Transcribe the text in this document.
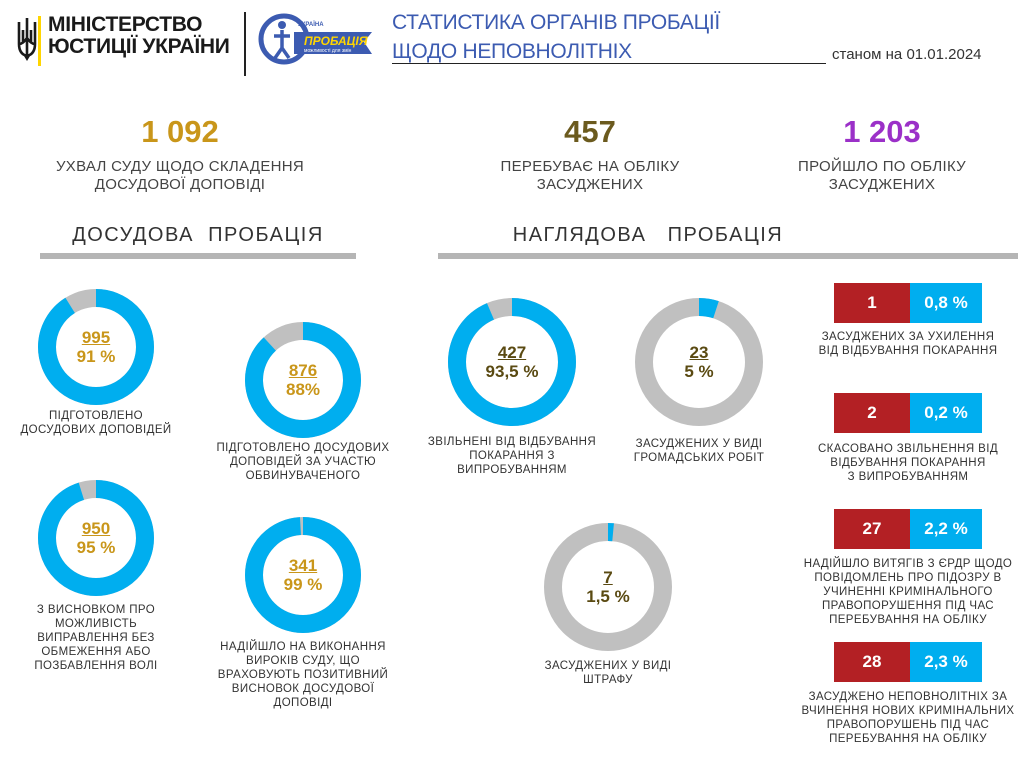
МІНІСТЕРСТВО
ЮСТИЦІЇ УКРАЇНИ
УКРАЇНА
ПРОБАЦІЯ
можливості для змін
СТАТИСТИКА ОРГАНІВ ПРОБАЦІЇ
ЩОДО НЕПОВНОЛІТНІХ	станом на 01.01.2024
1 092
УХВАЛ СУДУ ЩОДО СКЛАДЕННЯ
ДОСУДОВОЇ ДОПОВІДІ
457
ПЕРЕБУВАЄ НА ОБЛІКУ
ЗАСУДЖЕНИХ
1 203
ПРОЙШЛО ПО ОБЛІКУ
ЗАСУДЖЕНИХ
ДОСУДОВА  ПРОБАЦІЯ	НАГЛЯДОВА   ПРОБАЦІЯ
995
91 %
ПІДГОТОВЛЕНО
ДОСУДОВИХ ДОПОВІДЕЙ
876
88%
ПІДГОТОВЛЕНО ДОСУДОВИХ
ДОПОВІДЕЙ ЗА УЧАСТЮ
ОБВИНУВАЧЕНОГО
950
95 %
З ВИСНОВКОМ ПРО
МОЖЛИВІСТЬ
ВИПРАВЛЕННЯ БЕЗ
ОБМЕЖЕННЯ АБО
ПОЗБАВЛЕННЯ ВОЛІ
341
99 %
НАДІЙШЛО НА ВИКОНАННЯ
ВИРОКІВ СУДУ, ЩО
ВРАХОВУЮТЬ ПОЗИТИВНИЙ
ВИСНОВОК ДОСУДОВОЇ
ДОПОВІДІ
427
93,5 %
ЗВІЛЬНЕНІ ВІД ВІДБУВАННЯ
ПОКАРАННЯ З
ВИПРОБУВАННЯМ
23
5 %
ЗАСУДЖЕНИХ У ВИДІ
ГРОМАДСЬКИХ РОБІТ
7
1,5 %
ЗАСУДЖЕНИХ У ВИДІ
ШТРАФУ
1	0,8 %
ЗАСУДЖЕНИХ ЗА УХИЛЕННЯ
ВІД ВІДБУВАННЯ ПОКАРАННЯ
2	0,2 %
СКАСОВАНО ЗВІЛЬНЕННЯ ВІД
ВІДБУВАННЯ ПОКАРАННЯ
З ВИПРОБУВАННЯМ
27	2,2 %
НАДІЙШЛО ВИТЯГІВ З ЄРДР ЩОДО
ПОВІДОМЛЕНЬ ПРО ПІДОЗРУ В
УЧИНЕННІ КРИМІНАЛЬНОГО
ПРАВОПОРУШЕННЯ ПІД ЧАС
ПЕРЕБУВАННЯ НА ОБЛІКУ
28	2,3 %
ЗАСУДЖЕНО НЕПОВНОЛІТНІХ ЗА
ВЧИНЕННЯ НОВИХ КРИМІНАЛЬНИХ
ПРАВОПОРУШЕНЬ ПІД ЧАС
ПЕРЕБУВАННЯ НА ОБЛІКУ
